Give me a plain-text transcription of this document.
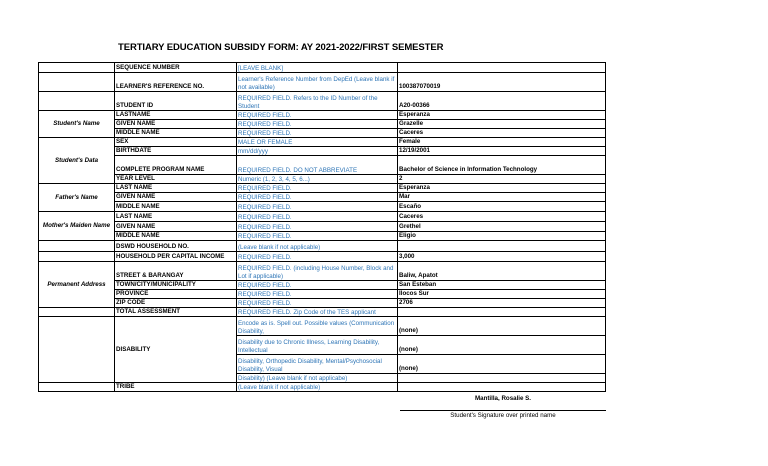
TERTIARY EDUCATION SUBSIDY FORM: AY 2021-2022/FIRST SEMESTER
	SEQUENCE NUMBER	[LEAVE BLANK]	
	LEARNER'S REFERENCE NO.	Learner's Reference Number from DepEd (Leave blank if not available)	100387070019
	STUDENT ID	REQUIRED FIELD. Refers to the ID Number of the Student	A20-00366
Student's Name	LASTNAME	REQUIRED FIELD.	Esperanza
	GIVEN NAME	REQUIRED FIELD.	Grazelle
	MIDDLE NAME	REQUIRED FIELD.	Caceres
Student's Data	SEX	MALE OR FEMALE	Female
	BIRTHDATE	mm/dd/yyy	12/19/2001
	COMPLETE PROGRAM NAME	REQUIRED FIELD. DO NOT ABBREVIATE	Bachelor of Science in Information Technology
	YEAR LEVEL	Numeric (1, 2, 3, 4, 5, 6...)	2
Father's Name	LAST NAME	REQUIRED FIELD.	Esperanza
	GIVEN NAME	REQUIRED FIELD.	Mar
	MIDDLE NAME	REQUIRED FIELD.	Escaño
Mother's Maiden Name	LAST NAME	REQUIRED FIELD.	Caceres
	GIVEN NAME	REQUIRED FIELD.	Grethel
	MIDDLE NAME	REQUIRED FIELD.	Eligio
	DSWD HOUSEHOLD NO.	(Leave blank if not applicable)	
	HOUSEHOLD PER CAPITAL INCOME	REQUIRED FIELD.	3,000
Permanent Address	STREET & BARANGAY	REQUIRED FIELD. (including House Number, Block and Lot if applicable)	Baliw, Apatot
	TOWN/CITY/MUNICIPALITY	REQUIRED FIELD.	San Esteban
	PROVINCE	REQUIRED FIELD.	Ilocos Sur
	ZIP CODE	REQUIRED FIELD.	2706
	TOTAL ASSESSMENT	REQUIRED FIELD. Zip Code of the TES applicant	
	DISABILITY	Encode as is. Spell out. Possible values (Communication Disability,	(none)
		Disability due to Chronic Illness, Learning Disability, Intellectual	(none)
		Disability, Orthopedic Disability, Mental/Psychosocial Disability, Visual	(none)
		Disability) (Leave blank if not applicabe)	
	TRIBE	(Leave blank if not applicable)	
Mantilla, Rosalie S.
Student's Signature over printed name
